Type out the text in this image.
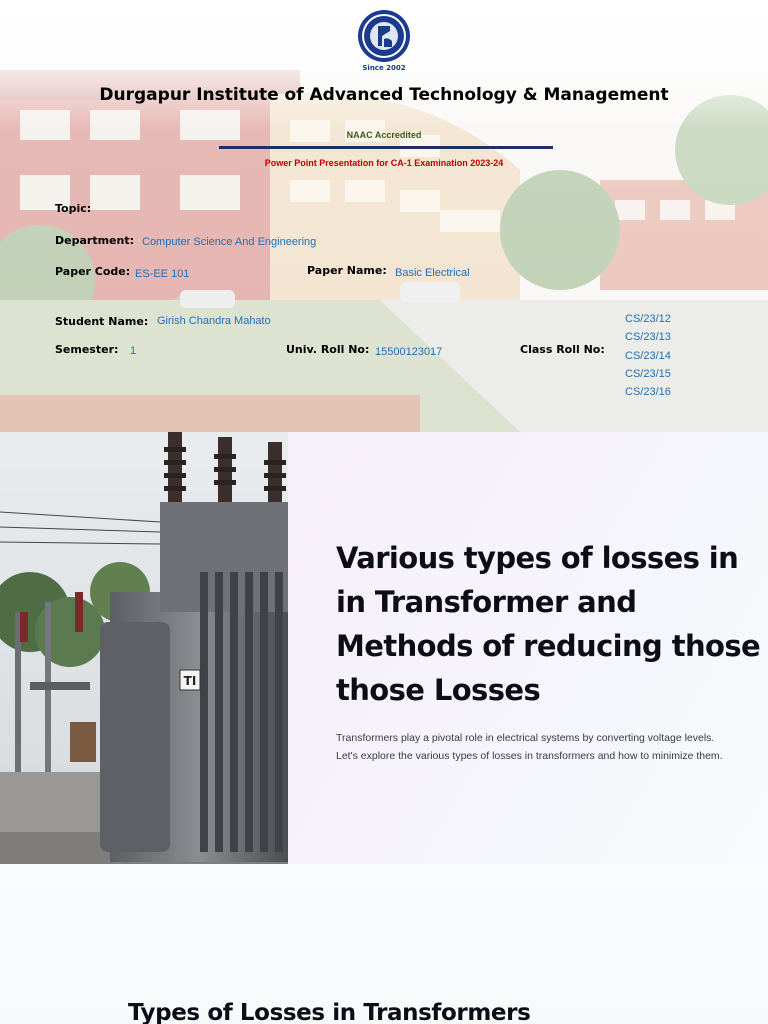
Since 2002
Durgapur Institute of Advanced Technology & Management
NAAC Accredited
Power Point Presentation for CA-1 Examination 2023-24
Topic:
Department: Computer Science And Engineering
Paper Code: ES-EE 101	Paper Name: Basic Electrical
Student Name: Girish Chandra Mahato
Semester: 1	Univ. Roll No: 15500123017	Class Roll No:
CS/23/12
CS/23/13
CS/23/14
CS/23/15
CS/23/16
TI
Various types of losses in
in Transformer and
Methods of reducing those
those Losses

Transformers play a pivotal role in electrical systems by converting voltage levels. Let's explore the various types of losses in transformers and how to minimize them.

Types of Losses in Transformers
